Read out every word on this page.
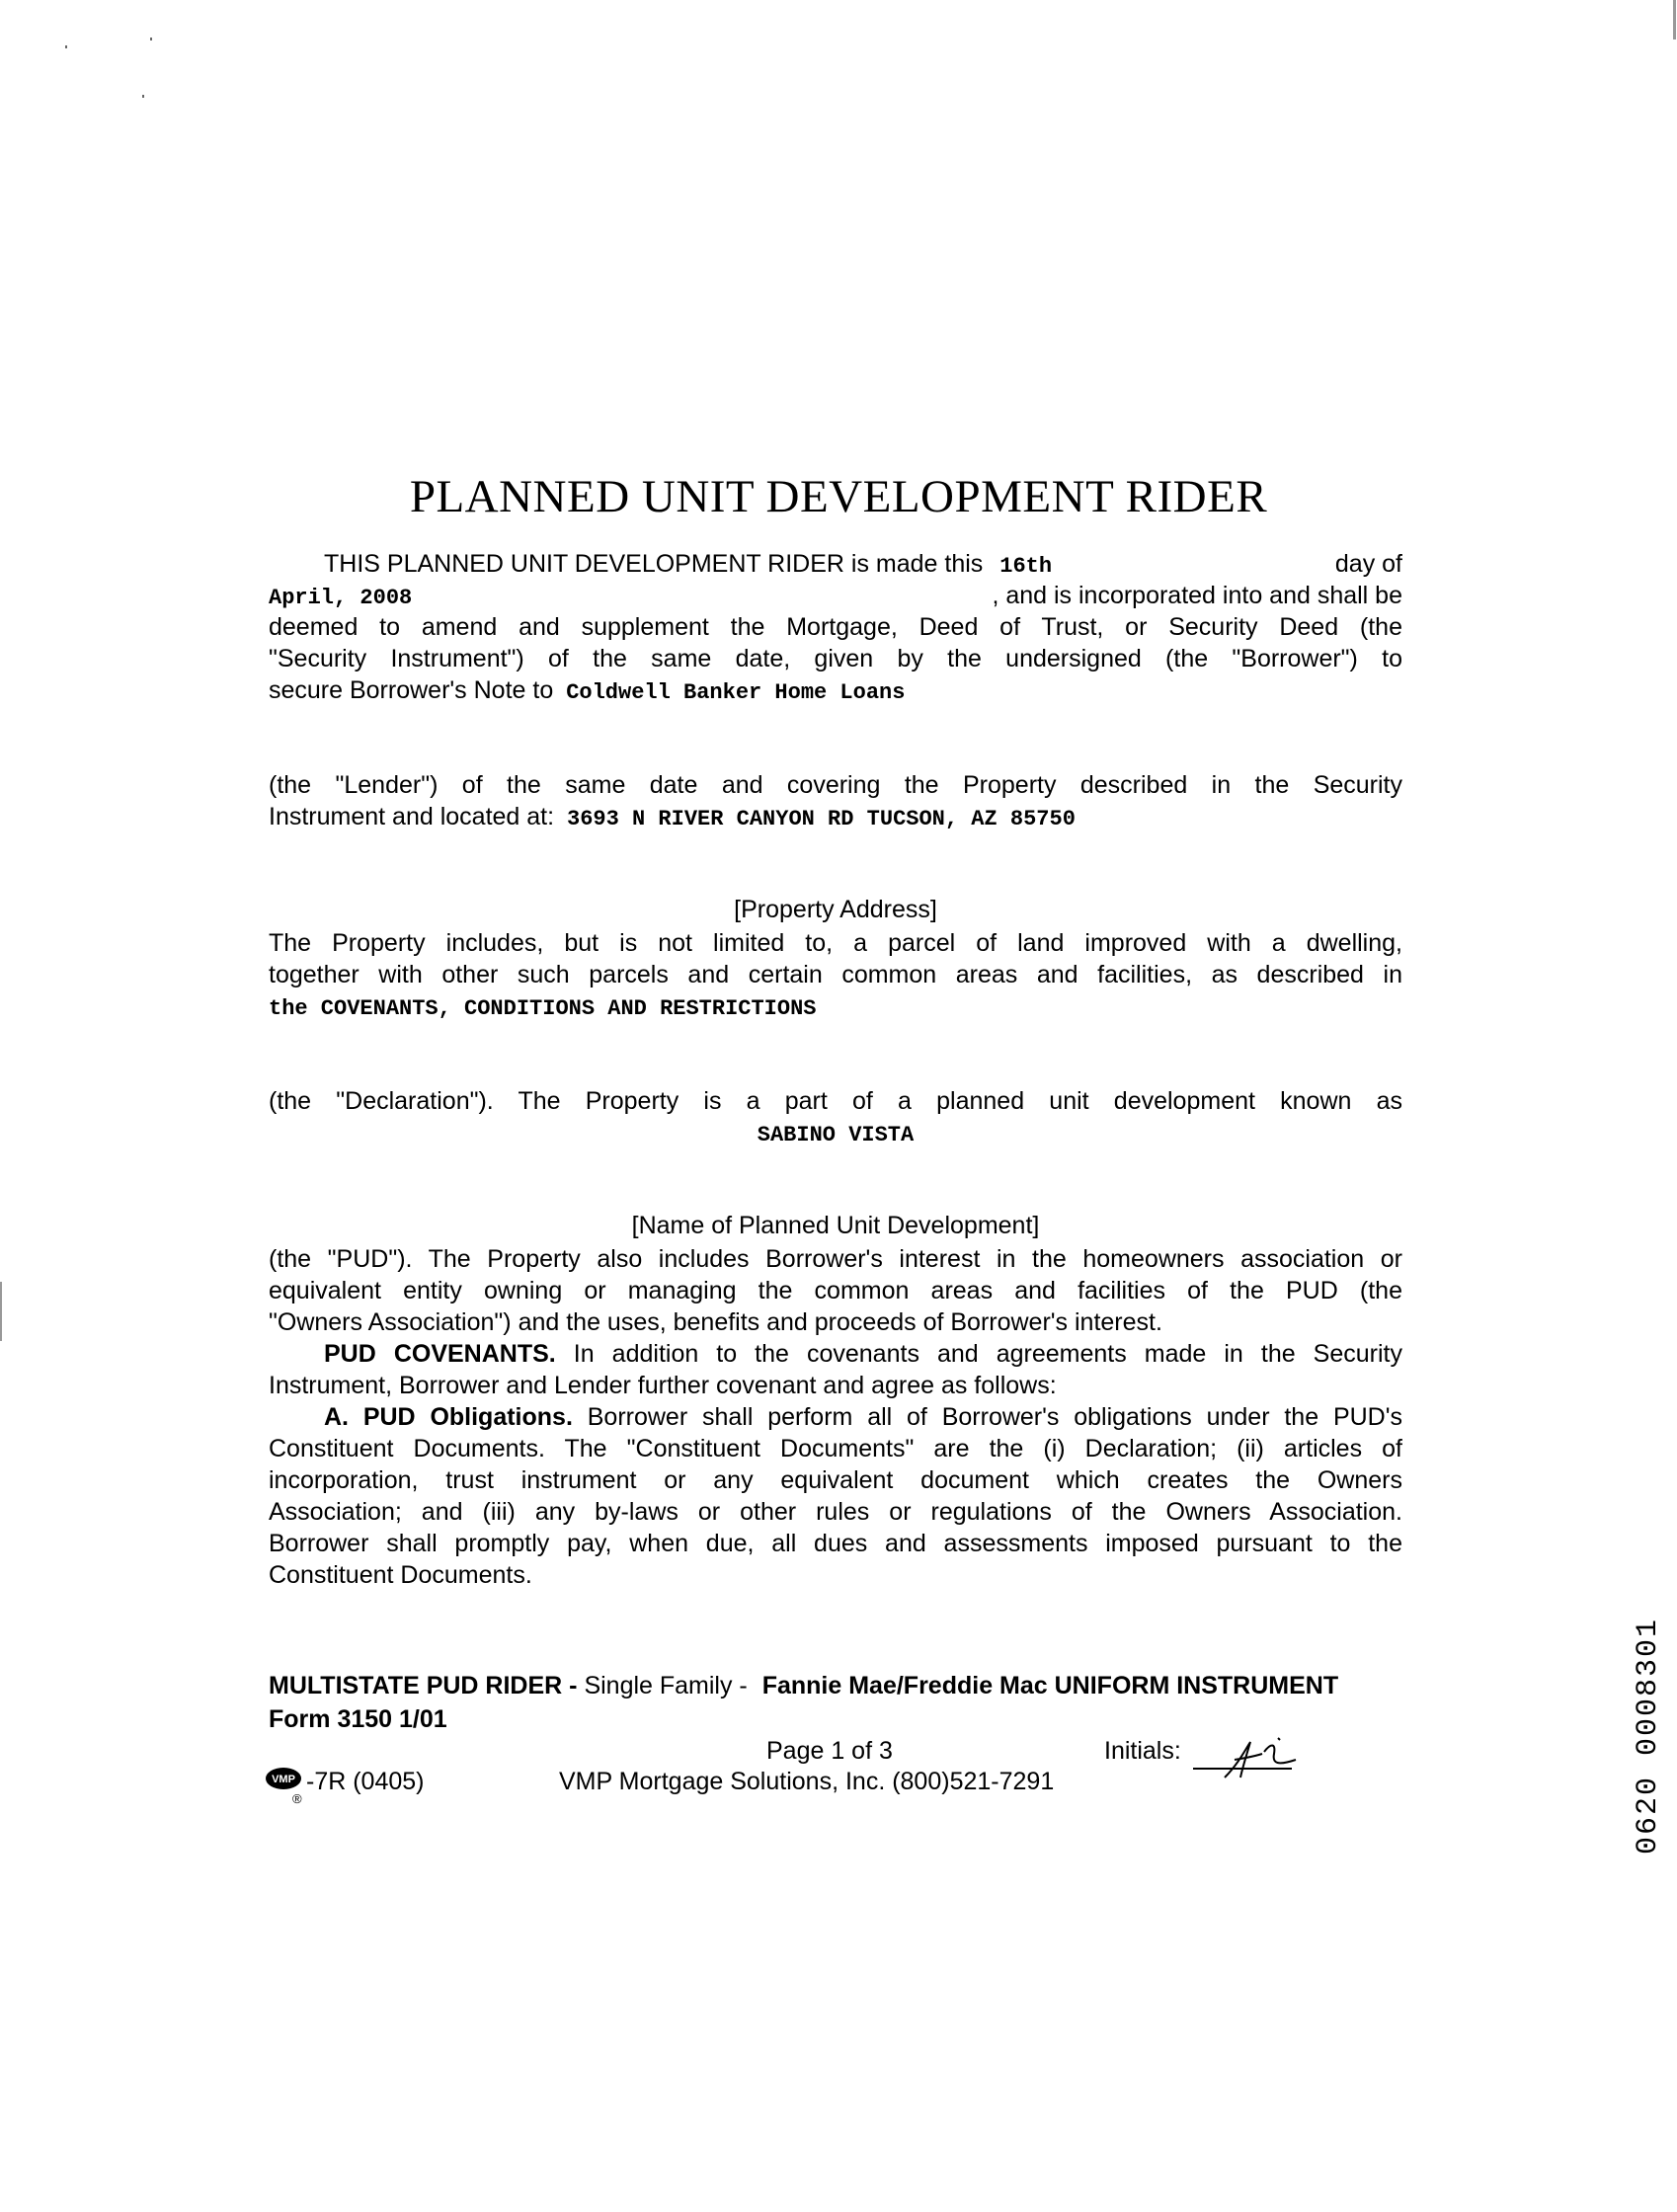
PLANNED UNIT DEVELOPMENT RIDER
THIS PLANNED UNIT DEVELOPMENT RIDER is made this 16th	day of
April, 2008	, and is incorporated into and shall be
deemed to amend and supplement the Mortgage, Deed of Trust, or Security Deed (the
"Security Instrument") of the same date, given by the undersigned (the "Borrower") to
secure Borrower's Note to Coldwell Banker Home Loans
(the "Lender") of the same date and covering the Property described in the Security
Instrument and located at: 3693 N RIVER CANYON RD TUCSON, AZ 85750
[Property Address]
The Property includes, but is not limited to, a parcel of land improved with a dwelling,
together with other such parcels and certain common areas and facilities, as described in
the COVENANTS, CONDITIONS AND RESTRICTIONS
(the "Declaration"). The Property is a part of a planned unit development known as
SABINO VISTA
[Name of Planned Unit Development]
(the "PUD"). The Property also includes Borrower's interest in the homeowners association or
equivalent entity owning or managing the common areas and facilities of the PUD (the
"Owners Association") and the uses, benefits and proceeds of Borrower's interest.
PUD COVENANTS. In addition to the covenants and agreements made in the Security
Instrument, Borrower and Lender further covenant and agree as follows:
A. PUD Obligations. Borrower shall perform all of Borrower's obligations under the PUD's
Constituent Documents. The "Constituent Documents" are the (i) Declaration; (ii) articles of
incorporation, trust instrument or any equivalent document which creates the Owners
Association; and (iii) any by-laws or other rules or regulations of the Owners Association.
Borrower shall promptly pay, when due, all dues and assessments imposed pursuant to the
Constituent Documents.
MULTISTATE PUD RIDER - Single Family - Fannie Mae/Freddie Mac UNIFORM INSTRUMENT
Form 3150 1/01
Page 1 of 3	Initials:
VMP
®
-7R (0405)	VMP Mortgage Solutions, Inc. (800)521-7291	0620 0008301
